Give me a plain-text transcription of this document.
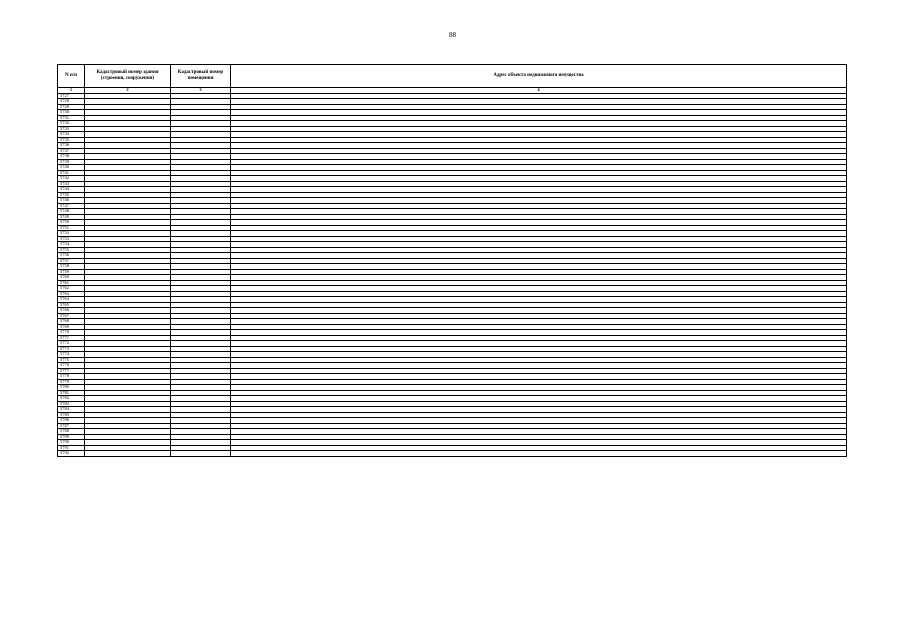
88
N п/п	Кадастровый номер здания (строения, сооружения)	Кадастровый номер помещения	Адрес объекта недвижимого имущества
1	2	3	4
5727			
5728			
5729			
5730			
5731			
5732			
5733			
5734			
5735			
5736			
5737			
5738			
5739			
5740			
5741			
5742			
5743			
5744			
5745			
5746			
5747			
5748			
5749			
5750			
5751			
5752			
5753			
5754			
5755			
5756			
5757			
5758			
5759			
5760			
5761			
5762			
5763			
5764			
5765			
5766			
5767			
5768			
5769			
5770			
5771			
5772			
5773			
5774			
5775			
5776			
5777			
5778			
5779			
5780			
5781			
5782			
5783			
5784			
5785			
5786			
5787			
5788			
5789			
5790			
5791			
5792			
